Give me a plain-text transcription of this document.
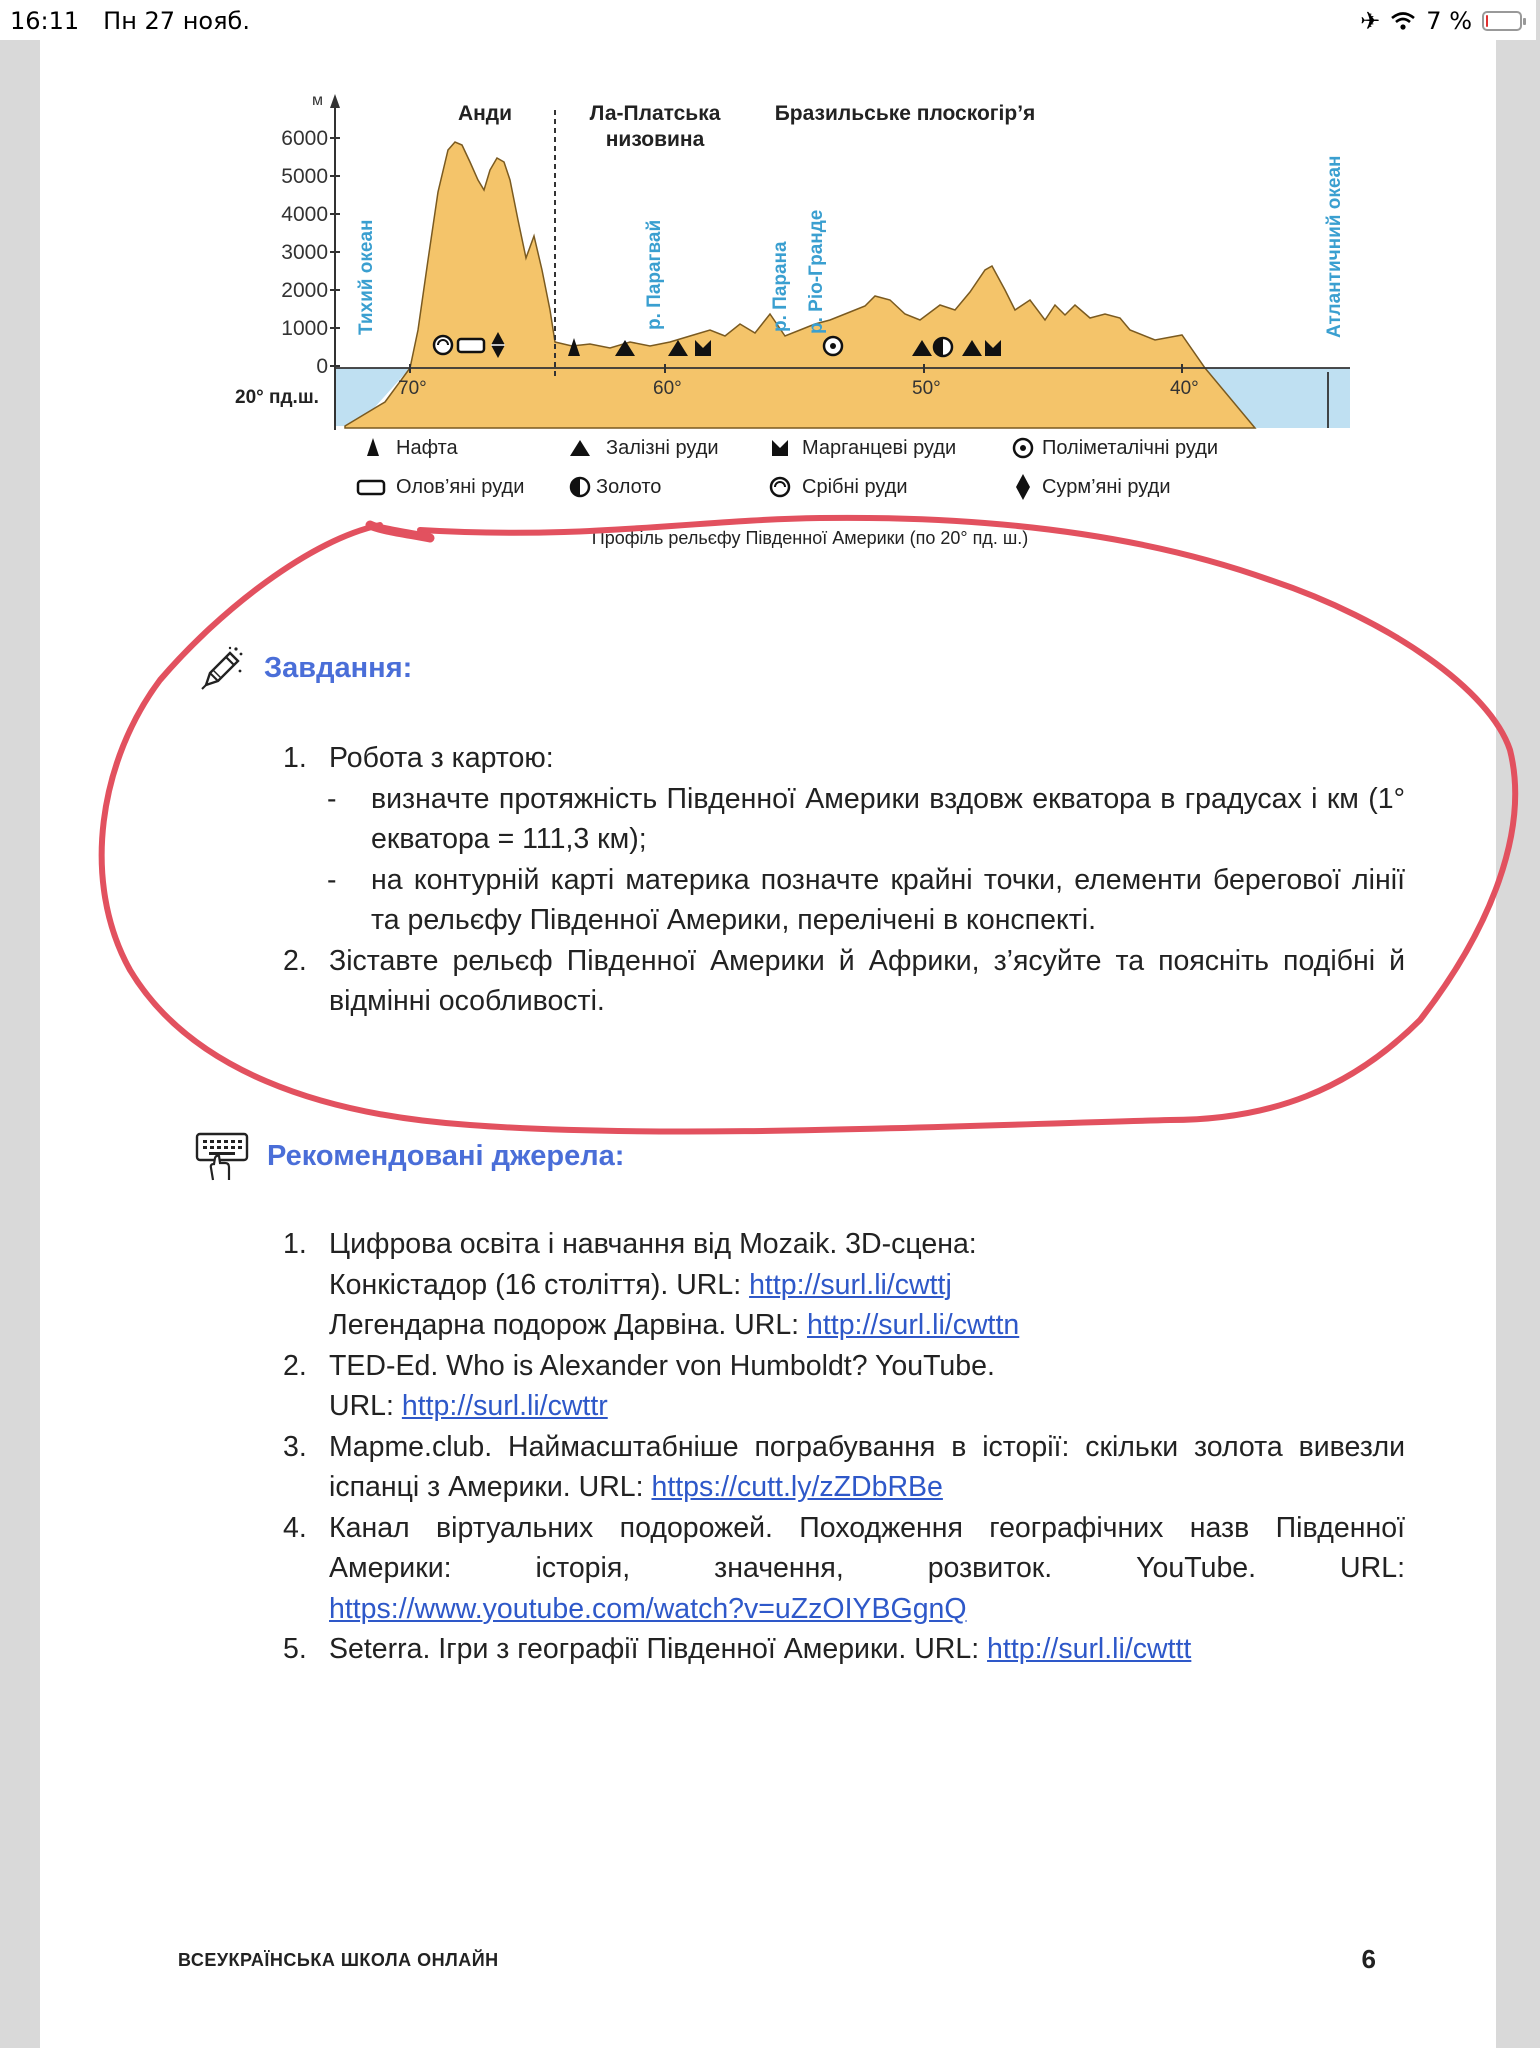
16:11 Пн 27 нояб.	✈ 7 %
м
6000
5000
4000
3000
2000
1000
0
20° пд.ш.	70°	60°	50°	40°
Анди	Ла-Платська
низовина
Бразильське плоскогір’я
Тихий океан	Атлантичний океан
р. Парагвай	р. Парана р. Ріо-Гранде
Нафта	Залізні руди	Марганцеві руди	Поліметалічні руди
Олов’яні руди	Золото	Срібні руди	Сурм’яні руди
Профіль рельєфу Південної Америки (по 20° пд. ш.)
Завдання:
1. Робота з картою:
-	визначте протяжність Південної Америки вздовж екватора в градусах і км (1° екватора = 111,3 км);
-	на контурній карті материка позначте крайні точки, елементи берегової лінії та рельєфу Південної Америки, перелічені в конспекті.
2. Зіставте рельєф Південної Америки й Африки, з’ясуйте та поясніть подібні й відмінні особливості.
Рекомендовані джерела:
1. Цифрова освіта і навчання від Mozaik. 3D-сцена:
Конкістадор (16 століття). URL: http://surl.li/cwttj
Легендарна подорож Дарвіна. URL: http://surl.li/cwttn
2. TED-Ed. Who is Alexander von Humboldt? YouTube.
URL: http://surl.li/cwttr
3. Mapme.club. Наймасштабніше пограбування в історії: скільки золота вивезли іспанці з Америки. URL: https://cutt.ly/zZDbRBe
4. Канал віртуальних подорожей. Походження географічних назв Південної Америки: історія, значення, розвиток. YouTube. URL: https://www.youtube.com/watch?v=uZzOIYBGgnQ
5. Seterra. Ігри з географії Південної Америки. URL: http://surl.li/cwttt
ВСЕУКРАЇНСЬКА ШКОЛА ОНЛАЙН	6
